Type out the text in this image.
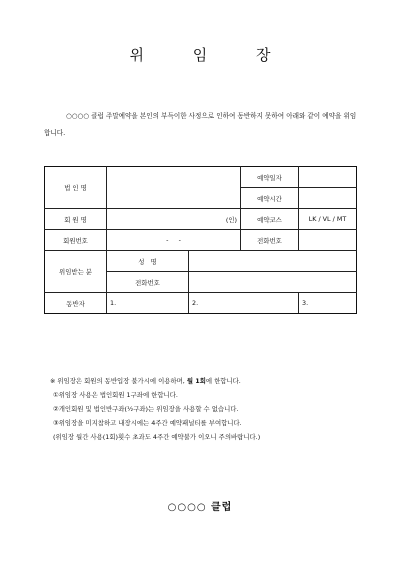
위 임 장
○○○○ 클럽 주말예약을 본인의 부득이한 사정으로 인하여 동반하지 못하여 아래와 같이 예약을 위임합니다.
법 인 명			예약일자	
			예약시간	
회 원 명	(인)		예약코스	LK / VL / MT
회원번호	-     -		전화번호	
위임받는 분	성   명			
	전화번호			
동반자	1.	2.		3.
※ 위임장은 회원의 동반입장 불가시에 이용하며, 월 1회에 한합니다.
①위임장 사용은 법인회원 1구좌에 한합니다.
②개인회원 및 법인반구좌(½구좌)는 위임장을 사용할 수 없습니다.
③위임장을 미지참하고 내장시에는 4주간 예약패널티를 부여합니다.
(위임장 월간 사용(1회)횟수 초과도 4주간 예약불가 이오니 주의바랍니다.)
○○○○ 클럽
